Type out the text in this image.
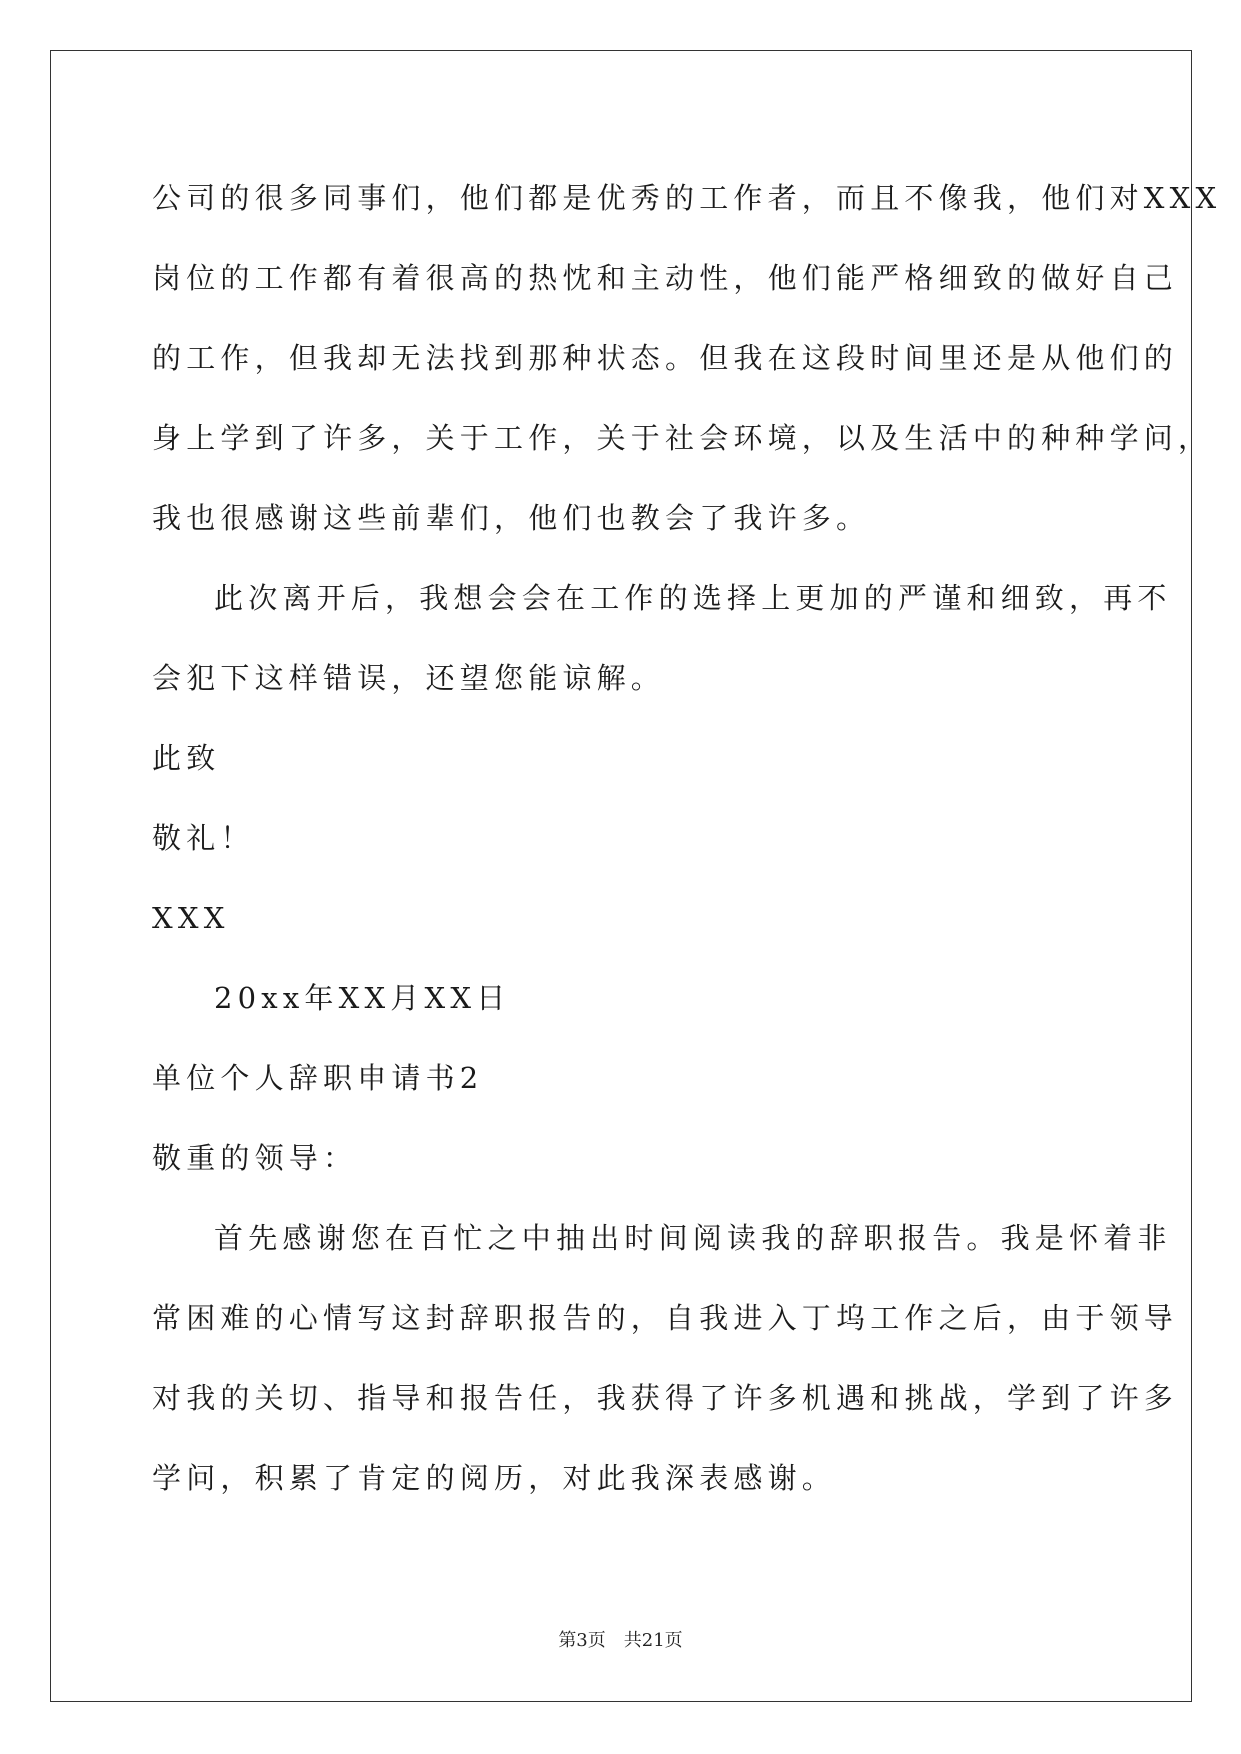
公司的很多同事们，他们都是优秀的工作者，而且不像我，他们对XXX

岗位的工作都有着很高的热忱和主动性，他们能严格细致的做好自己

的工作，但我却无法找到那种状态。但我在这段时间里还是从他们的

身上学到了许多，关于工作，关于社会环境，以及生活中的种种学问，

我也很感谢这些前辈们，他们也教会了我许多。

此次离开后，我想会会在工作的选择上更加的严谨和细致，再不

会犯下这样错误，还望您能谅解。

此致

敬礼！

XXX

20xx年XX月XX日

单位个人辞职申请书2

敬重的领导：

首先感谢您在百忙之中抽出时间阅读我的辞职报告。我是怀着非

常困难的心情写这封辞职报告的，自我进入丁坞工作之后，由于领导

对我的关切、指导和报告任，我获得了许多机遇和挑战，学到了许多

学问，积累了肯定的阅历，对此我深表感谢。

第3页 共21页
